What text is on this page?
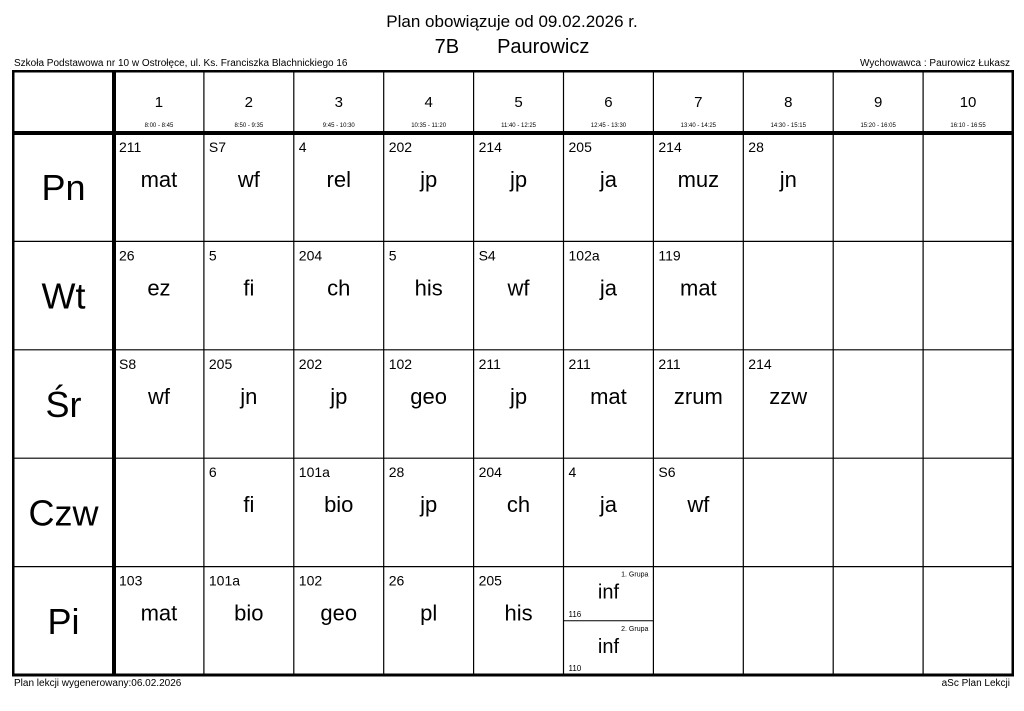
Plan obowiązuje od 09.02.2026 r.
7B Paurowicz
Szkoła Podstawowa nr 10 w Ostrołęce, ul. Ks. Franciszka Blachnickiego 16	Wychowawca : Paurowicz Łukasz
1
8:00 - 8:45
2
8:50 - 9:35
3
9:45 - 10:30
4
10:35 - 11:20
5
11:40 - 12:25
6
12:45 - 13:30
7
13:40 - 14:25
8
14:30 - 15:15
9
15:20 - 16:05
10
16:10 - 16:55
Pn
211
mat
S7
wf
4
rel
202
jp
214
jp
205
ja
214
muz
28
jn
Wt
26
ez
5
fi
204
ch
5
his
S4
wf
102a
ja
119
mat
Śr
S8
wf
205
jn
202
jp
102
geo
211
jp
211
mat
211
zrum
214
zzw
Czw
6
fi
101a
bio
28
jp
204
ch
4
ja
S6
wf
Pi
103
mat
101a
bio
102
geo
26
pl
205
his
1. Grupa
inf
116
2. Grupa
inf
110
Plan lekcji wygenerowany:06.02.2026	aSc Plan Lekcji
